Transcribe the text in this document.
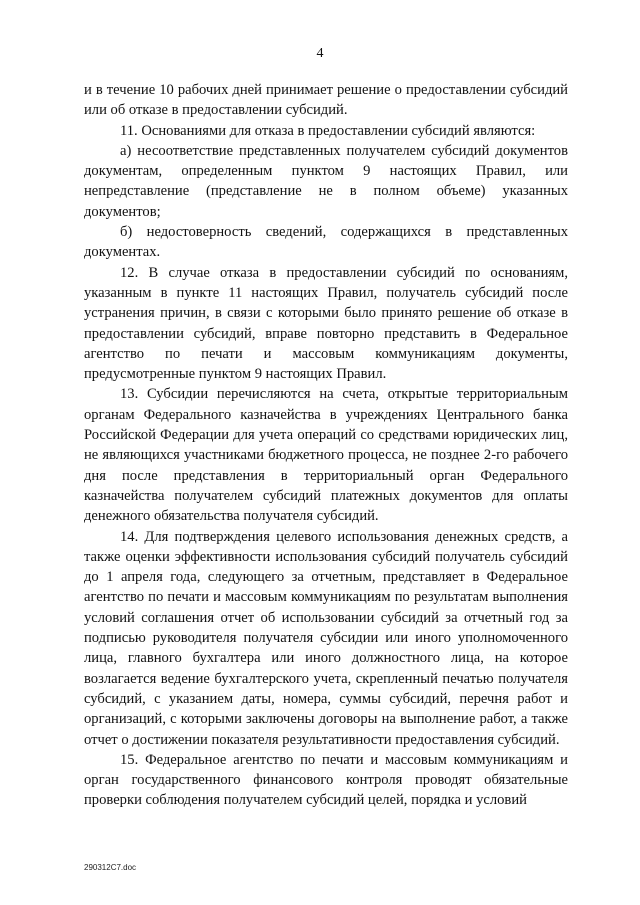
4

и в течение 10 рабочих дней принимает решение о предоставлении субсидий или об отказе в предоставлении субсидий.

11. Основаниями для отказа в предоставлении субсидий являются:

а) несоответствие представленных получателем субсидий документов документам, определенным пунктом 9 настоящих Правил, или непредставление (представление не в полном объеме) указанных документов;

б) недостоверность сведений, содержащихся в представленных документах.

12. В случае отказа в предоставлении субсидий по основаниям, указанным в пункте 11 настоящих Правил, получатель субсидий после устранения причин, в связи с которыми было принято решение об отказе в предоставлении субсидий, вправе повторно представить в Федеральное агентство по печати и массовым коммуникациям документы, предусмотренные пунктом 9 настоящих Правил.

13. Субсидии перечисляются на счета, открытые территориальным органам Федерального казначейства в учреждениях Центрального банка Российской Федерации для учета операций со средствами юридических лиц, не являющихся участниками бюджетного процесса, не позднее 2-го рабочего дня после представления в территориальный орган Федерального казначейства получателем субсидий платежных документов для оплаты денежного обязательства получателя субсидий.

14. Для подтверждения целевого использования денежных средств, а также оценки эффективности использования субсидий получатель субсидий до 1 апреля года, следующего за отчетным, представляет в Федеральное агентство по печати и массовым коммуникациям по результатам выполнения условий соглашения отчет об использовании субсидий за отчетный год за подписью руководителя получателя субсидии или иного уполномоченного лица, главного бухгалтера или иного должностного лица, на которое возлагается ведение бухгалтерского учета, скрепленный печатью получателя субсидий, с указанием даты, номера, суммы субсидий, перечня работ и организаций, с которыми заключены договоры на выполнение работ, а также отчет о достижении показателя результативности предоставления субсидий.

15. Федеральное агентство по печати и массовым коммуникациям и орган государственного финансового контроля проводят обязательные проверки соблюдения получателем субсидий целей, порядка и условий

290312C7.doc
